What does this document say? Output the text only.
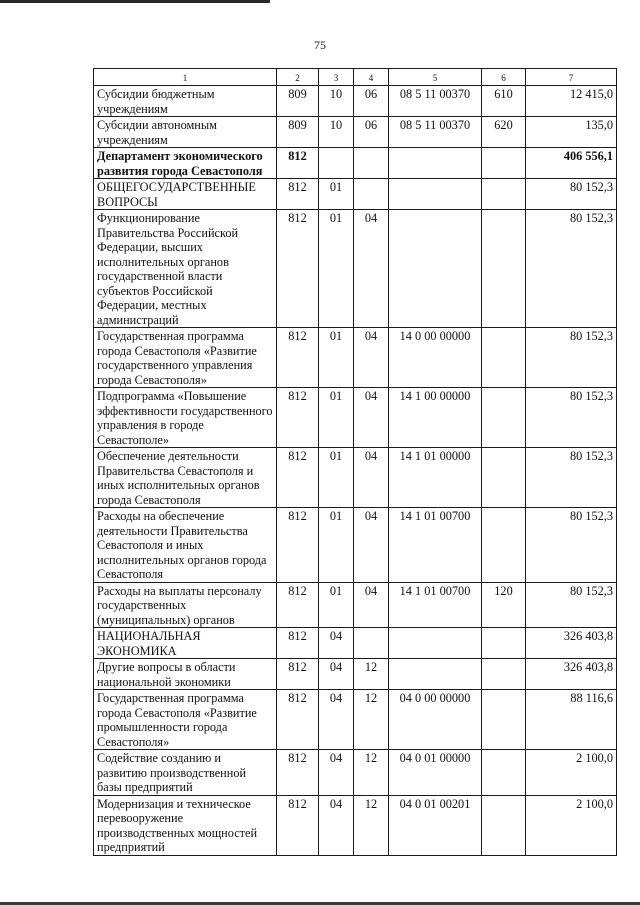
75
1	2	3	4	5	6	7
Субсидии бюджетным учреждениям	809	10	06	08 5 11 00370	610	12 415,0
Субсидии автономным учреждениям	809	10	06	08 5 11 00370	620	135,0
Департамент экономического развития города Севастополя	812					406 556,1
ОБЩЕГОСУДАРСТВЕННЫЕ ВОПРОСЫ	812	01				80 152,3
Функционирование Правительства Российской Федерации, высших исполнительных органов государственной власти субъектов Российской Федерации, местных администраций	812	01	04			80 152,3
Государственная программа города Севастополя «Развитие государственного управления города Севастополя»	812	01	04	14 0 00 00000		80 152,3
Подпрограмма «Повышение эффективности государственного управления в городе Севастополе»	812	01	04	14 1 00 00000		80 152,3
Обеспечение деятельности Правительства Севастополя и иных исполнительных органов города Севастополя	812	01	04	14 1 01 00000		80 152,3
Расходы на обеспечение деятельности Правительства Севастополя и иных исполнительных органов города Севастополя	812	01	04	14 1 01 00700		80 152,3
Расходы на выплаты персоналу государственных (муниципальных) органов	812	01	04	14 1 01 00700	120	80 152,3
НАЦИОНАЛЬНАЯ ЭКОНОМИКА	812	04				326 403,8
Другие вопросы в области национальной экономики	812	04	12			326 403,8
Государственная программа города Севастополя «Развитие промышленности города Севастополя»	812	04	12	04 0 00 00000		88 116,6
Содействие созданию и развитию производственной базы предприятий	812	04	12	04 0 01 00000		2 100,0
Модернизация и техническое перевооружение производственных мощностей предприятий	812	04	12	04 0 01 00201		2 100,0
